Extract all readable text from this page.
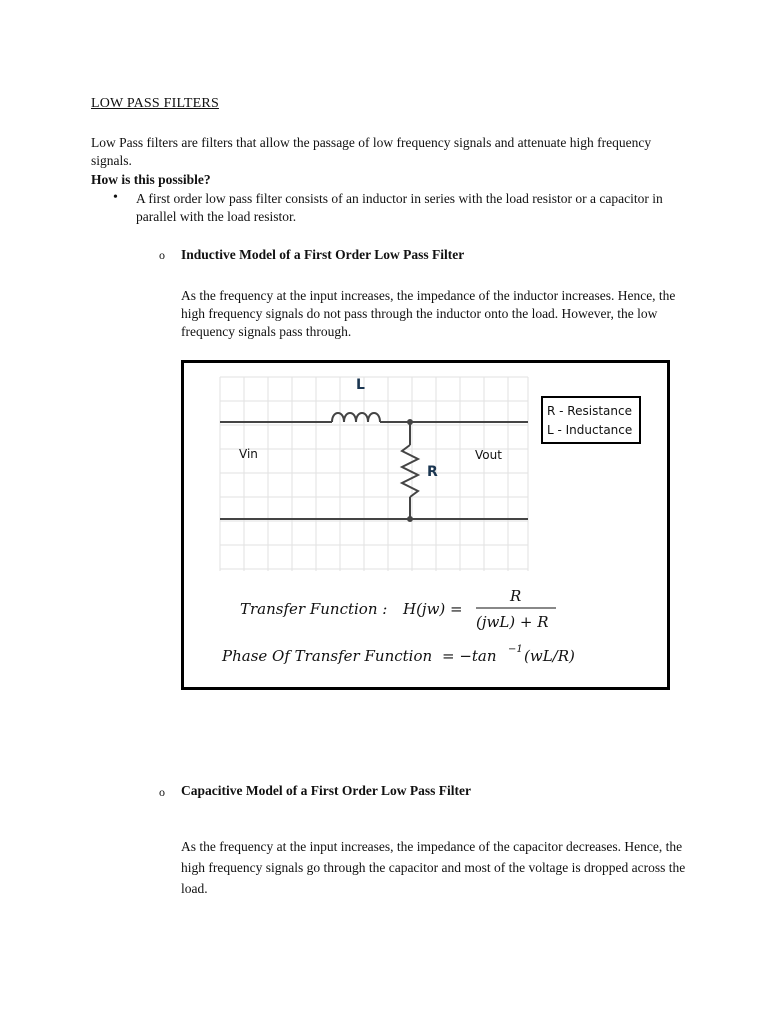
LOW PASS FILTERS
Low Pass filters are filters that allow the passage of low frequency signals and attenuate high frequency signals.
How is this possible?
• A first order low pass filter consists of an inductor in series with the load resistor or a capacitor in parallel with the load resistor.
o Inductive Model of a First Order Low Pass Filter
As the frequency at the input increases, the impedance of the inductor increases. Hence, the high frequency signals do not pass through the inductor onto the load. However, the low frequency signals pass through.
L
R
Vin	Vout
R - Resistance
L - Inductance
Transfer Function : H(jw) =
R
(jwL) + R
Phase Of Transfer Function = −tan −1 (wL/R)
o Capacitive Model of a First Order Low Pass Filter
As the frequency at the input increases, the impedance of the capacitor decreases. Hence, the high frequency signals go through the capacitor and most of the voltage is dropped across the load.
